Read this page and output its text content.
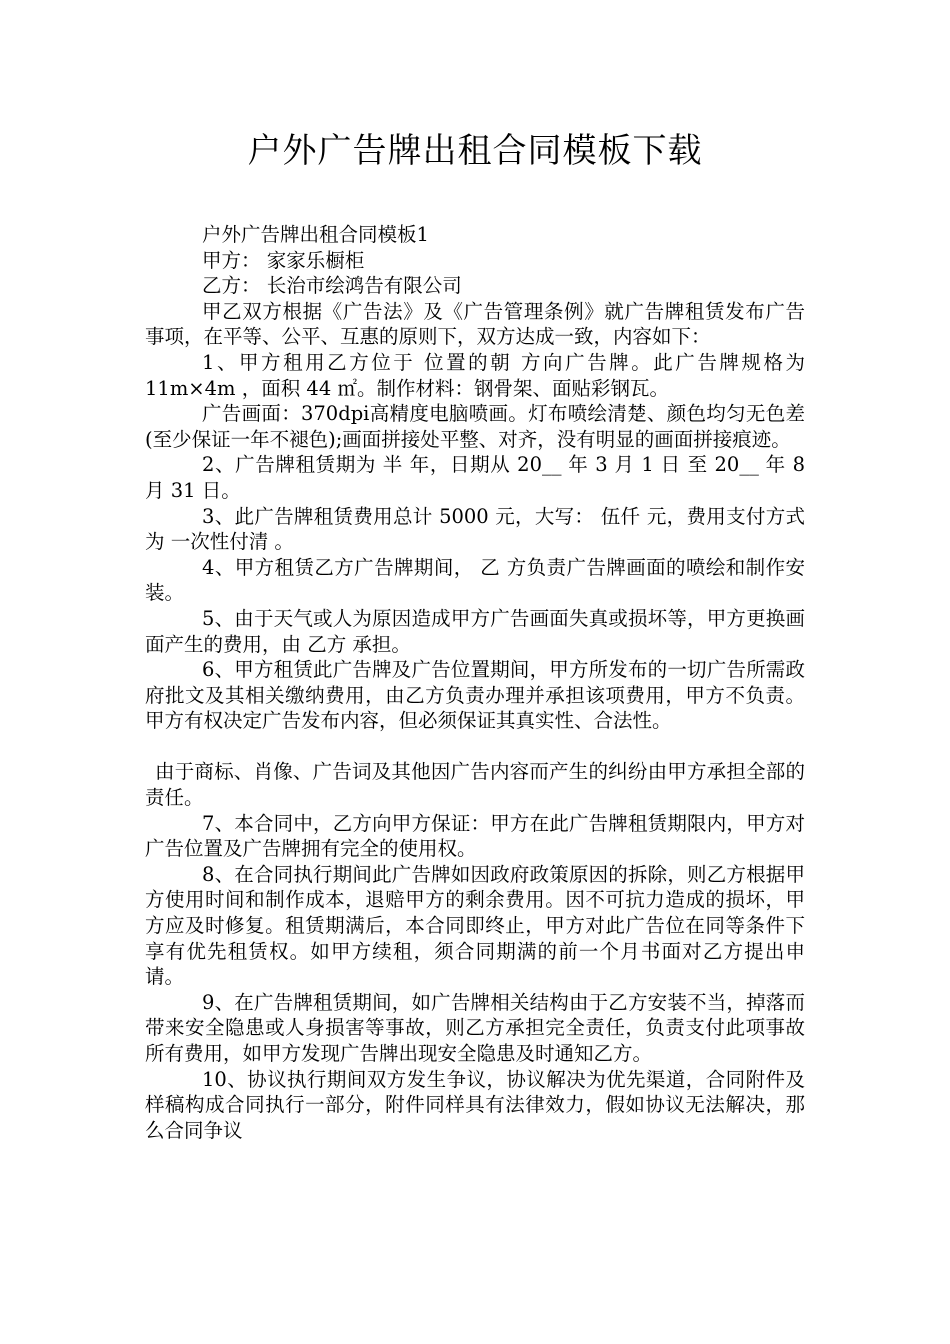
户外广告牌出租合同模板下载

户外广告牌出租合同模板1

甲方： 家家乐橱柜

乙方： 长治市绘鸿告有限公司

甲乙双方根据《广告法》及《广告管理条例》就广告牌租赁发布广告事项，在平等、公平、互惠的原则下，双方达成一致，内容如下：

1、甲方租用乙方位于 位置的朝 方向广告牌。此广告牌规格为 11m×4m ，面积 44 ㎡。制作材料：钢骨架、面贴彩钢瓦。

广告画面：370dpi高精度电脑喷画。灯布喷绘清楚、颜色均匀无色差(至少保证一年不褪色);画面拼接处平整、对齐，没有明显的画面拼接痕迹。

2、广告牌租赁期为 半 年，日期从 20__ 年 3 月 1 日 至 20__ 年 8 月 31 日。

3、此广告牌租赁费用总计 5000 元，大写： 伍仟 元，费用支付方式为 一次性付清 。

4、甲方租赁乙方广告牌期间， 乙 方负责广告牌画面的喷绘和制作安装。

5、由于天气或人为原因造成甲方广告画面失真或损坏等，甲方更换画面产生的费用，由 乙方 承担。

6、甲方租赁此广告牌及广告位置期间，甲方所发布的一切广告所需政府批文及其相关缴纳费用，由乙方负责办理并承担该项费用，甲方不负责。甲方有权决定广告发布内容，但必须保证其真实性、合法性。

由于商标、肖像、广告词及其他因广告内容而产生的纠纷由甲方承担全部的责任。

7、本合同中，乙方向甲方保证：甲方在此广告牌租赁期限内，甲方对广告位置及广告牌拥有完全的使用权。

8、在合同执行期间此广告牌如因政府政策原因的拆除，则乙方根据甲方使用时间和制作成本，退赔甲方的剩余费用。因不可抗力造成的损坏，甲方应及时修复。租赁期满后，本合同即终止，甲方对此广告位在同等条件下享有优先租赁权。如甲方续租，须合同期满的前一个月书面对乙方提出申请。

9、在广告牌租赁期间，如广告牌相关结构由于乙方安装不当，掉落而带来安全隐患或人身损害等事故，则乙方承担完全责任，负责支付此项事故所有费用，如甲方发现广告牌出现安全隐患及时通知乙方。

10、协议执行期间双方发生争议，协议解决为优先渠道，合同附件及样稿构成合同执行一部分，附件同样具有法律效力，假如协议无法解决，那么合同争议
